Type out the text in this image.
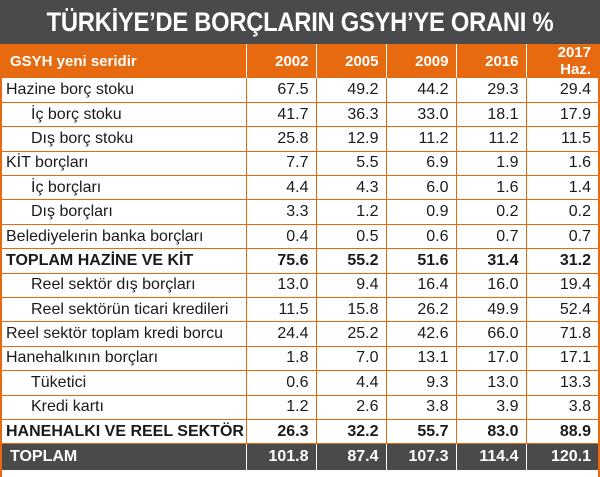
TÜRKİYE’DE BORÇLARIN GSYH’YE ORANI %
GSYH yeni seridir	2002	2005	2009	2016	2017 Haz.
Hazine borç stoku	67.5	49.2	44.2	29.3	29.4
İç borç stoku	41.7	36.3	33.0	18.1	17.9
Dış borç stoku	25.8	12.9	11.2	11.2	11.5
KİT borçları	7.7	5.5	6.9	1.9	1.6
İç borçları	4.4	4.3	6.0	1.6	1.4
Dış borçları	3.3	1.2	0.9	0.2	0.2
Belediyelerin banka borçları	0.4	0.5	0.6	0.7	0.7
TOPLAM HAZİNE VE KİT	75.6	55.2	51.6	31.4	31.2
Reel sektör dış borçları	13.0	9.4	16.4	16.0	19.4
Reel sektörün ticari kredileri	11.5	15.8	26.2	49.9	52.4
Reel sektör toplam kredi borcu	24.4	25.2	42.6	66.0	71.8
Hanehalkının borçları	1.8	7.0	13.1	17.0	17.1
Tüketici	0.6	4.4	9.3	13.0	13.3
Kredi kartı	1.2	2.6	3.8	3.9	3.8
HANEHALKI VE REEL SEKTÖR	26.3	32.2	55.7	83.0	88.9
TOPLAM	101.8	87.4	107.3	114.4	120.1
